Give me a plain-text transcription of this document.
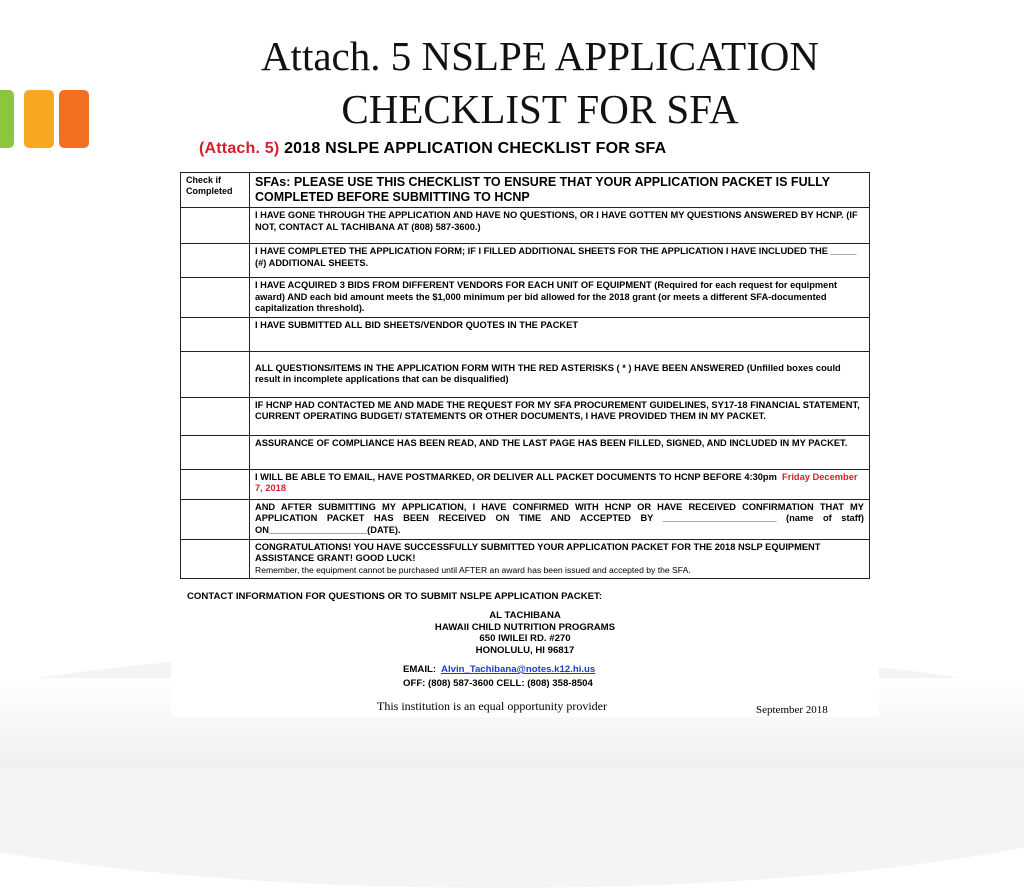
Attach. 5 NSLPE APPLICATION
CHECKLIST FOR SFA
(Attach. 5) 2018 NSLPE APPLICATION CHECKLIST FOR SFA
Check if Completed	SFAs: PLEASE USE THIS CHECKLIST TO ENSURE THAT YOUR APPLICATION PACKET IS FULLY COMPLETED BEFORE SUBMITTING TO HCNP
	I HAVE GONE THROUGH THE APPLICATION AND HAVE NO QUESTIONS, OR I HAVE GOTTEN MY QUESTIONS ANSWERED BY HCNP. (IF NOT, CONTACT AL TACHIBANA AT (808) 587-3600.)
	I HAVE COMPLETED THE APPLICATION FORM; IF I FILLED ADDITIONAL SHEETS FOR THE APPLICATION I HAVE INCLUDED THE _____ (#) ADDITIONAL SHEETS.
	I HAVE ACQUIRED 3 BIDS FROM DIFFERENT VENDORS FOR EACH UNIT OF EQUIPMENT (Required for each request for equipment award) AND each bid amount meets the $1,000 minimum per bid allowed for the 2018 grant (or meets a different SFA-documented capitalization threshold).
	I HAVE SUBMITTED ALL BID SHEETS/VENDOR QUOTES IN THE PACKET
	ALL QUESTIONS/ITEMS IN THE APPLICATION FORM WITH THE RED ASTERISKS ( * ) HAVE BEEN ANSWERED (Unfilled boxes could result in incomplete applications that can be disqualified)
	IF HCNP HAD CONTACTED ME AND MADE THE REQUEST FOR MY SFA PROCUREMENT GUIDELINES, SY17-18 FINANCIAL STATEMENT, CURRENT OPERATING BUDGET/ STATEMENTS OR OTHER DOCUMENTS, I HAVE PROVIDED THEM IN MY PACKET.
	ASSURANCE OF COMPLIANCE HAS BEEN READ, AND THE LAST PAGE HAS BEEN FILLED, SIGNED, AND INCLUDED IN MY PACKET.
	I WILL BE ABLE TO EMAIL, HAVE POSTMARKED, OR DELIVER ALL PACKET DOCUMENTS TO HCNP BEFORE 4:30pm Friday December 7, 2018
	AND AFTER SUBMITTING MY APPLICATION, I HAVE CONFIRMED WITH HCNP OR HAVE RECEIVED CONFIRMATION THAT MY APPLICATION PACKET HAS BEEN RECEIVED ON TIME AND ACCEPTED BY ______________________ (name of staff) ON___________________(DATE).
	CONGRATULATIONS! YOU HAVE SUCCESSFULLY SUBMITTED YOUR APPLICATION PACKET FOR THE 2018 NSLP EQUIPMENT ASSISTANCE GRANT! GOOD LUCK!
Remember, the equipment cannot be purchased until AFTER an award has been issued and accepted by the SFA.
CONTACT INFORMATION FOR QUESTIONS OR TO SUBMIT NSLPE APPLICATION PACKET:
AL TACHIBANA
HAWAII CHILD NUTRITION PROGRAMS
650 IWILEI RD. #270
HONOLULU, HI 96817
EMAIL: Alvin_Tachibana@notes.k12.hi.us
OFF: (808) 587-3600 CELL: (808) 358-8504
This institution is an equal opportunity provider	September 2018
